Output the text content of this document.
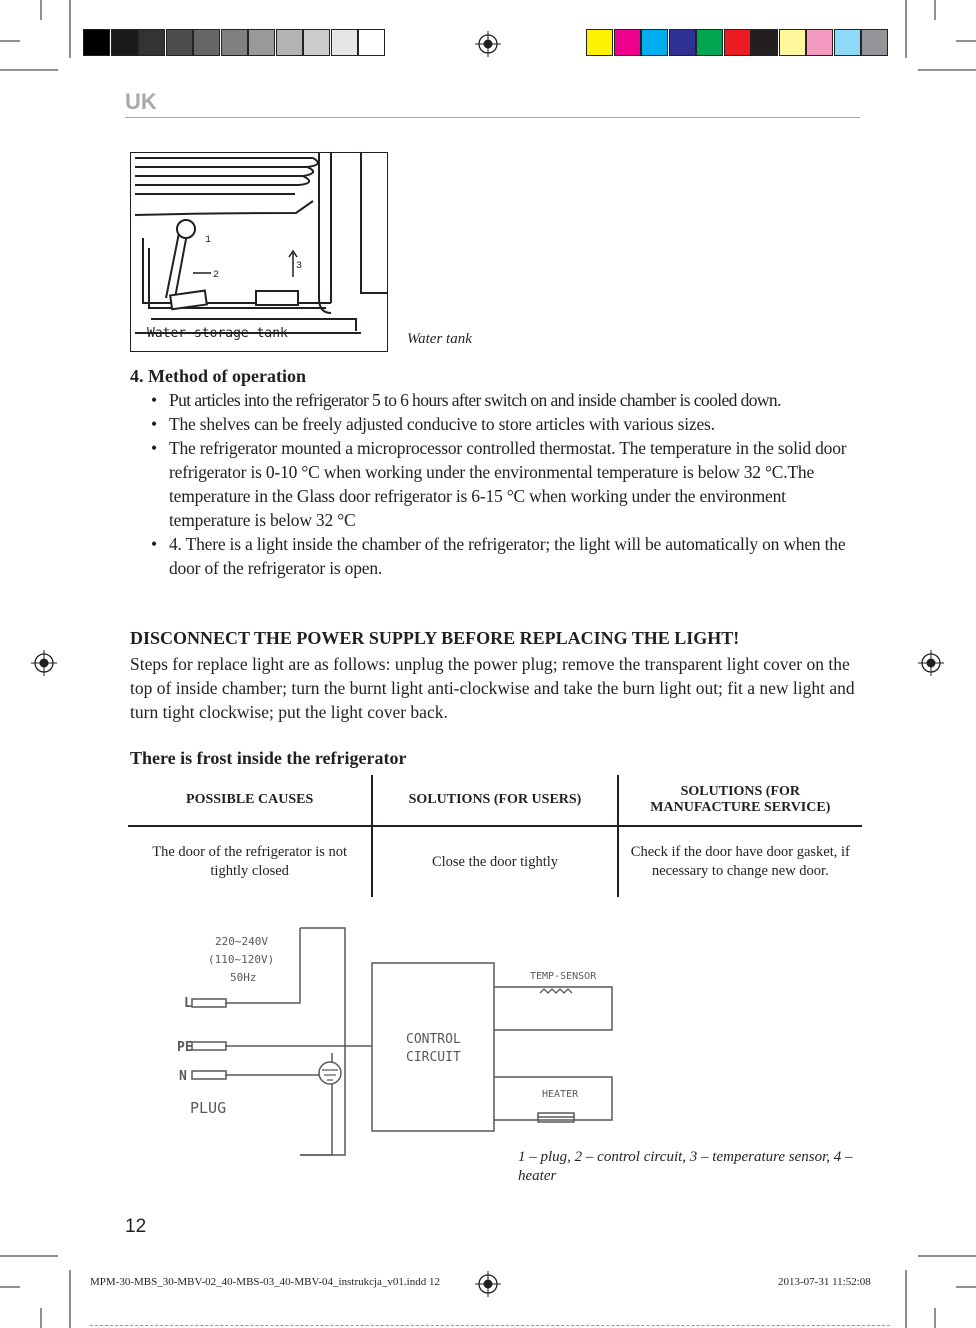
UK
1
2
3
Water storage tank	Water tank
4. Method of operation
• Put articles into the refrigerator 5 to 6 hours after switch on and inside chamber is cooled down.
• The shelves can be freely adjusted conducive to store articles with various sizes.
• The refrigerator mounted a microprocessor controlled thermostat. The temperature in the solid door refrigerator is 0-10 °C when working under the environmental temperature is below 32 °C.The temperature in the Glass door refrigerator is 6-15 °C when working under the environment temperature is below 32 °C
• 4. There is a light inside the chamber of the refrigerator; the light will be automatically on when the door of the refrigerator is open.
DISCONNECT THE POWER SUPPLY BEFORE REPLACING THE LIGHT!
Steps for replace light are as follows: unplug the power plug; remove the transparent light cover on the top of inside chamber; turn the burnt light anti-clockwise and take the burn light out; fit a new light and turn tight clockwise; put the light cover back.
There is frost inside the refrigerator
POSSIBLE CAUSES	SOLUTIONS (FOR USERS)	SOLUTIONS (FOR MANUFACTURE SERVICE)
The door of the refrigerator is not tightly closed	Close the door tightly	Check if the door have door gasket, if necessary to change new door.
220~240V
(110~120V)
50Hz
L
PE
N
PLUG
CONTROL
CIRCUIT
TEMP-SENSOR
HEATER
1 – plug, 2 – control circuit, 3 – temperature sensor, 4 – heater
12
MPM-30-MBS_30-MBV-02_40-MBS-03_40-MBV-04_instrukcja_v01.indd 12	2013-07-31 11:52:08
